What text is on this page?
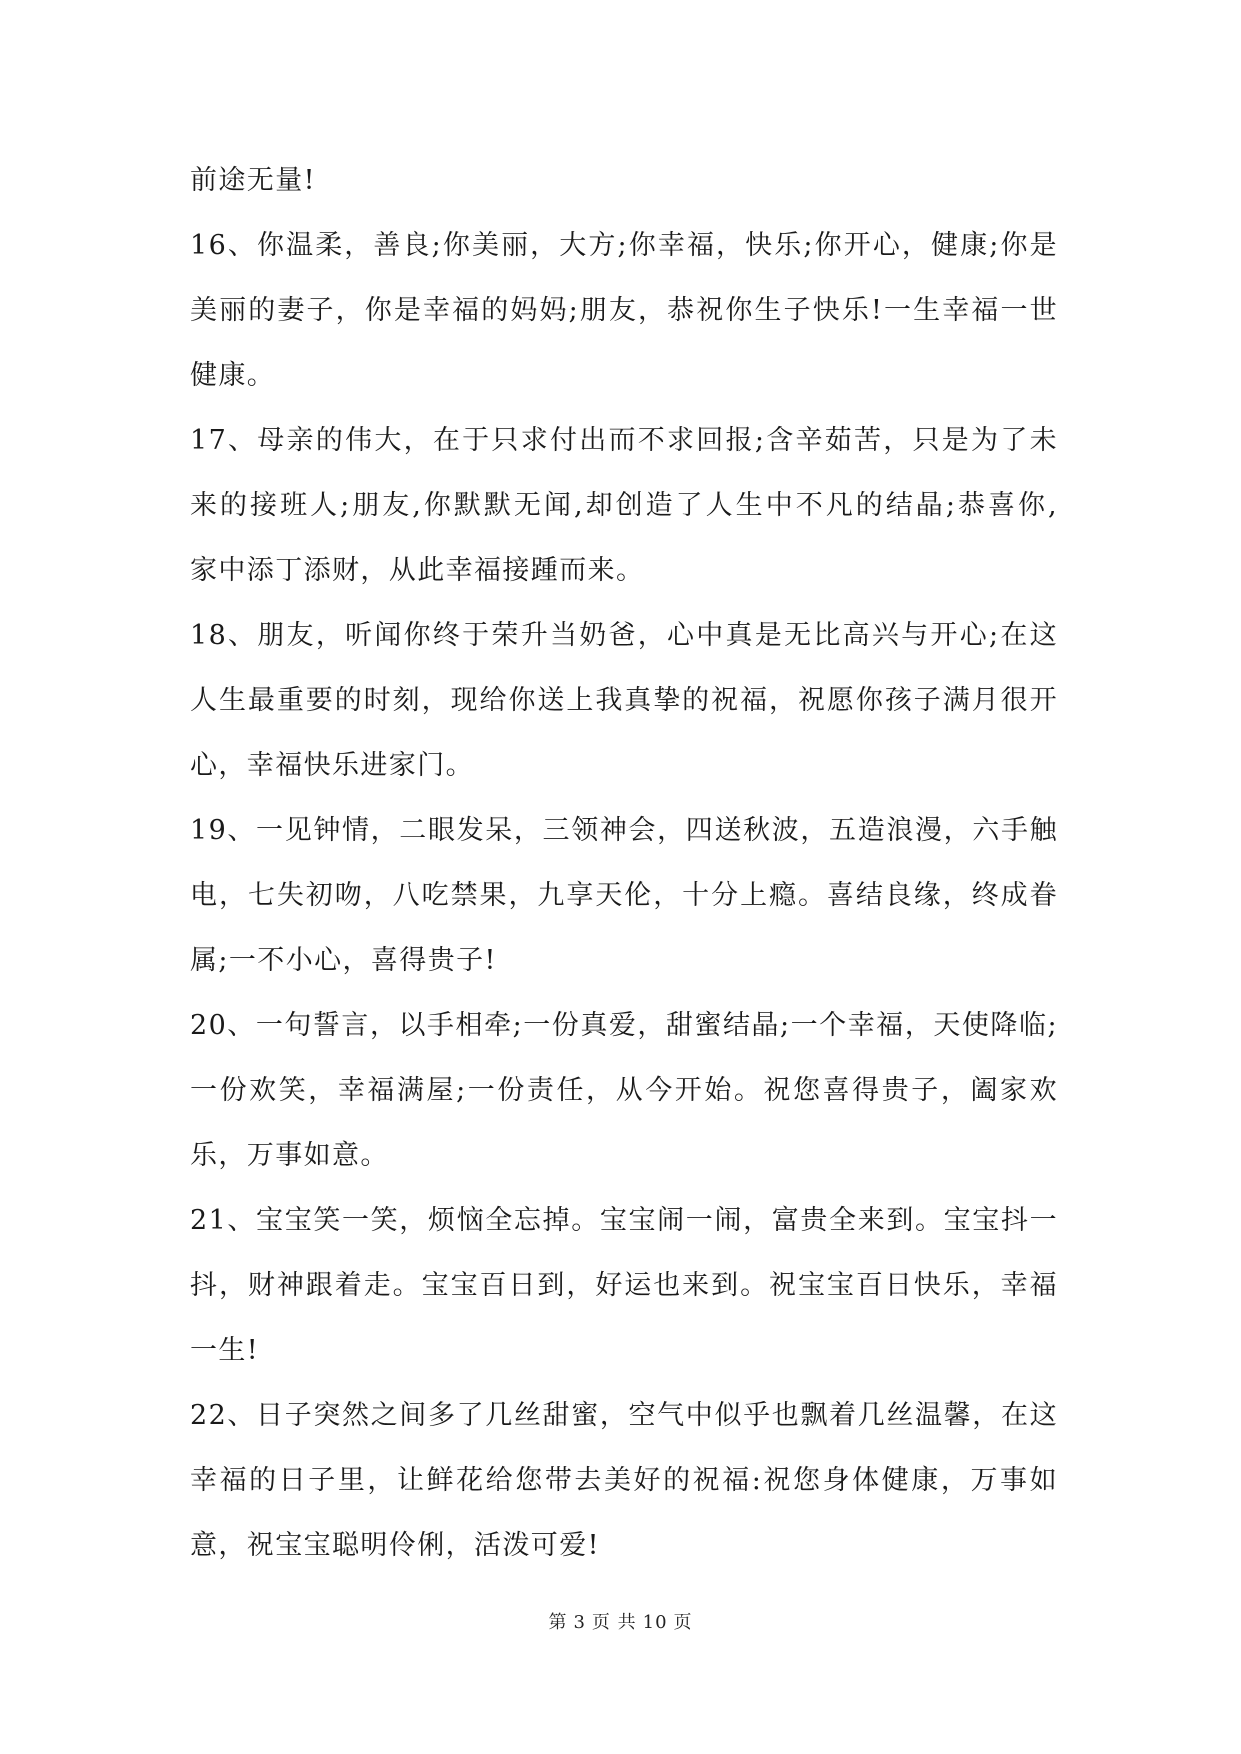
前途无量!
16、你温柔，善良;你美丽，大方;你幸福，快乐;你开心，健康;你是
美丽的妻子，你是幸福的妈妈;朋友，恭祝你生子快乐!一生幸福一世
健康。
17、母亲的伟大，在于只求付出而不求回报;含辛茹苦，只是为了未
来的接班人;朋友,你默默无闻,却创造了人生中不凡的结晶;恭喜你,
家中添丁添财，从此幸福接踵而来。
18、朋友，听闻你终于荣升当奶爸，心中真是无比高兴与开心;在这
人生最重要的时刻，现给你送上我真挚的祝福，祝愿你孩子满月很开
心，幸福快乐进家门。
19、一见钟情，二眼发呆，三领神会，四送秋波，五造浪漫，六手触
电，七失初吻，八吃禁果，九享天伦，十分上瘾。喜结良缘，终成眷
属;一不小心，喜得贵子!
20、一句誓言，以手相牵;一份真爱，甜蜜结晶;一个幸福，天使降临;
一份欢笑，幸福满屋;一份责任，从今开始。祝您喜得贵子，阖家欢
乐，万事如意。
21、宝宝笑一笑，烦恼全忘掉。宝宝闹一闹，富贵全来到。宝宝抖一
抖，财神跟着走。宝宝百日到，好运也来到。祝宝宝百日快乐，幸福
一生!
22、日子突然之间多了几丝甜蜜，空气中似乎也飘着几丝温馨，在这
幸福的日子里，让鲜花给您带去美好的祝福:祝您身体健康，万事如
意，祝宝宝聪明伶俐，活泼可爱!
第 3 页 共 10 页
